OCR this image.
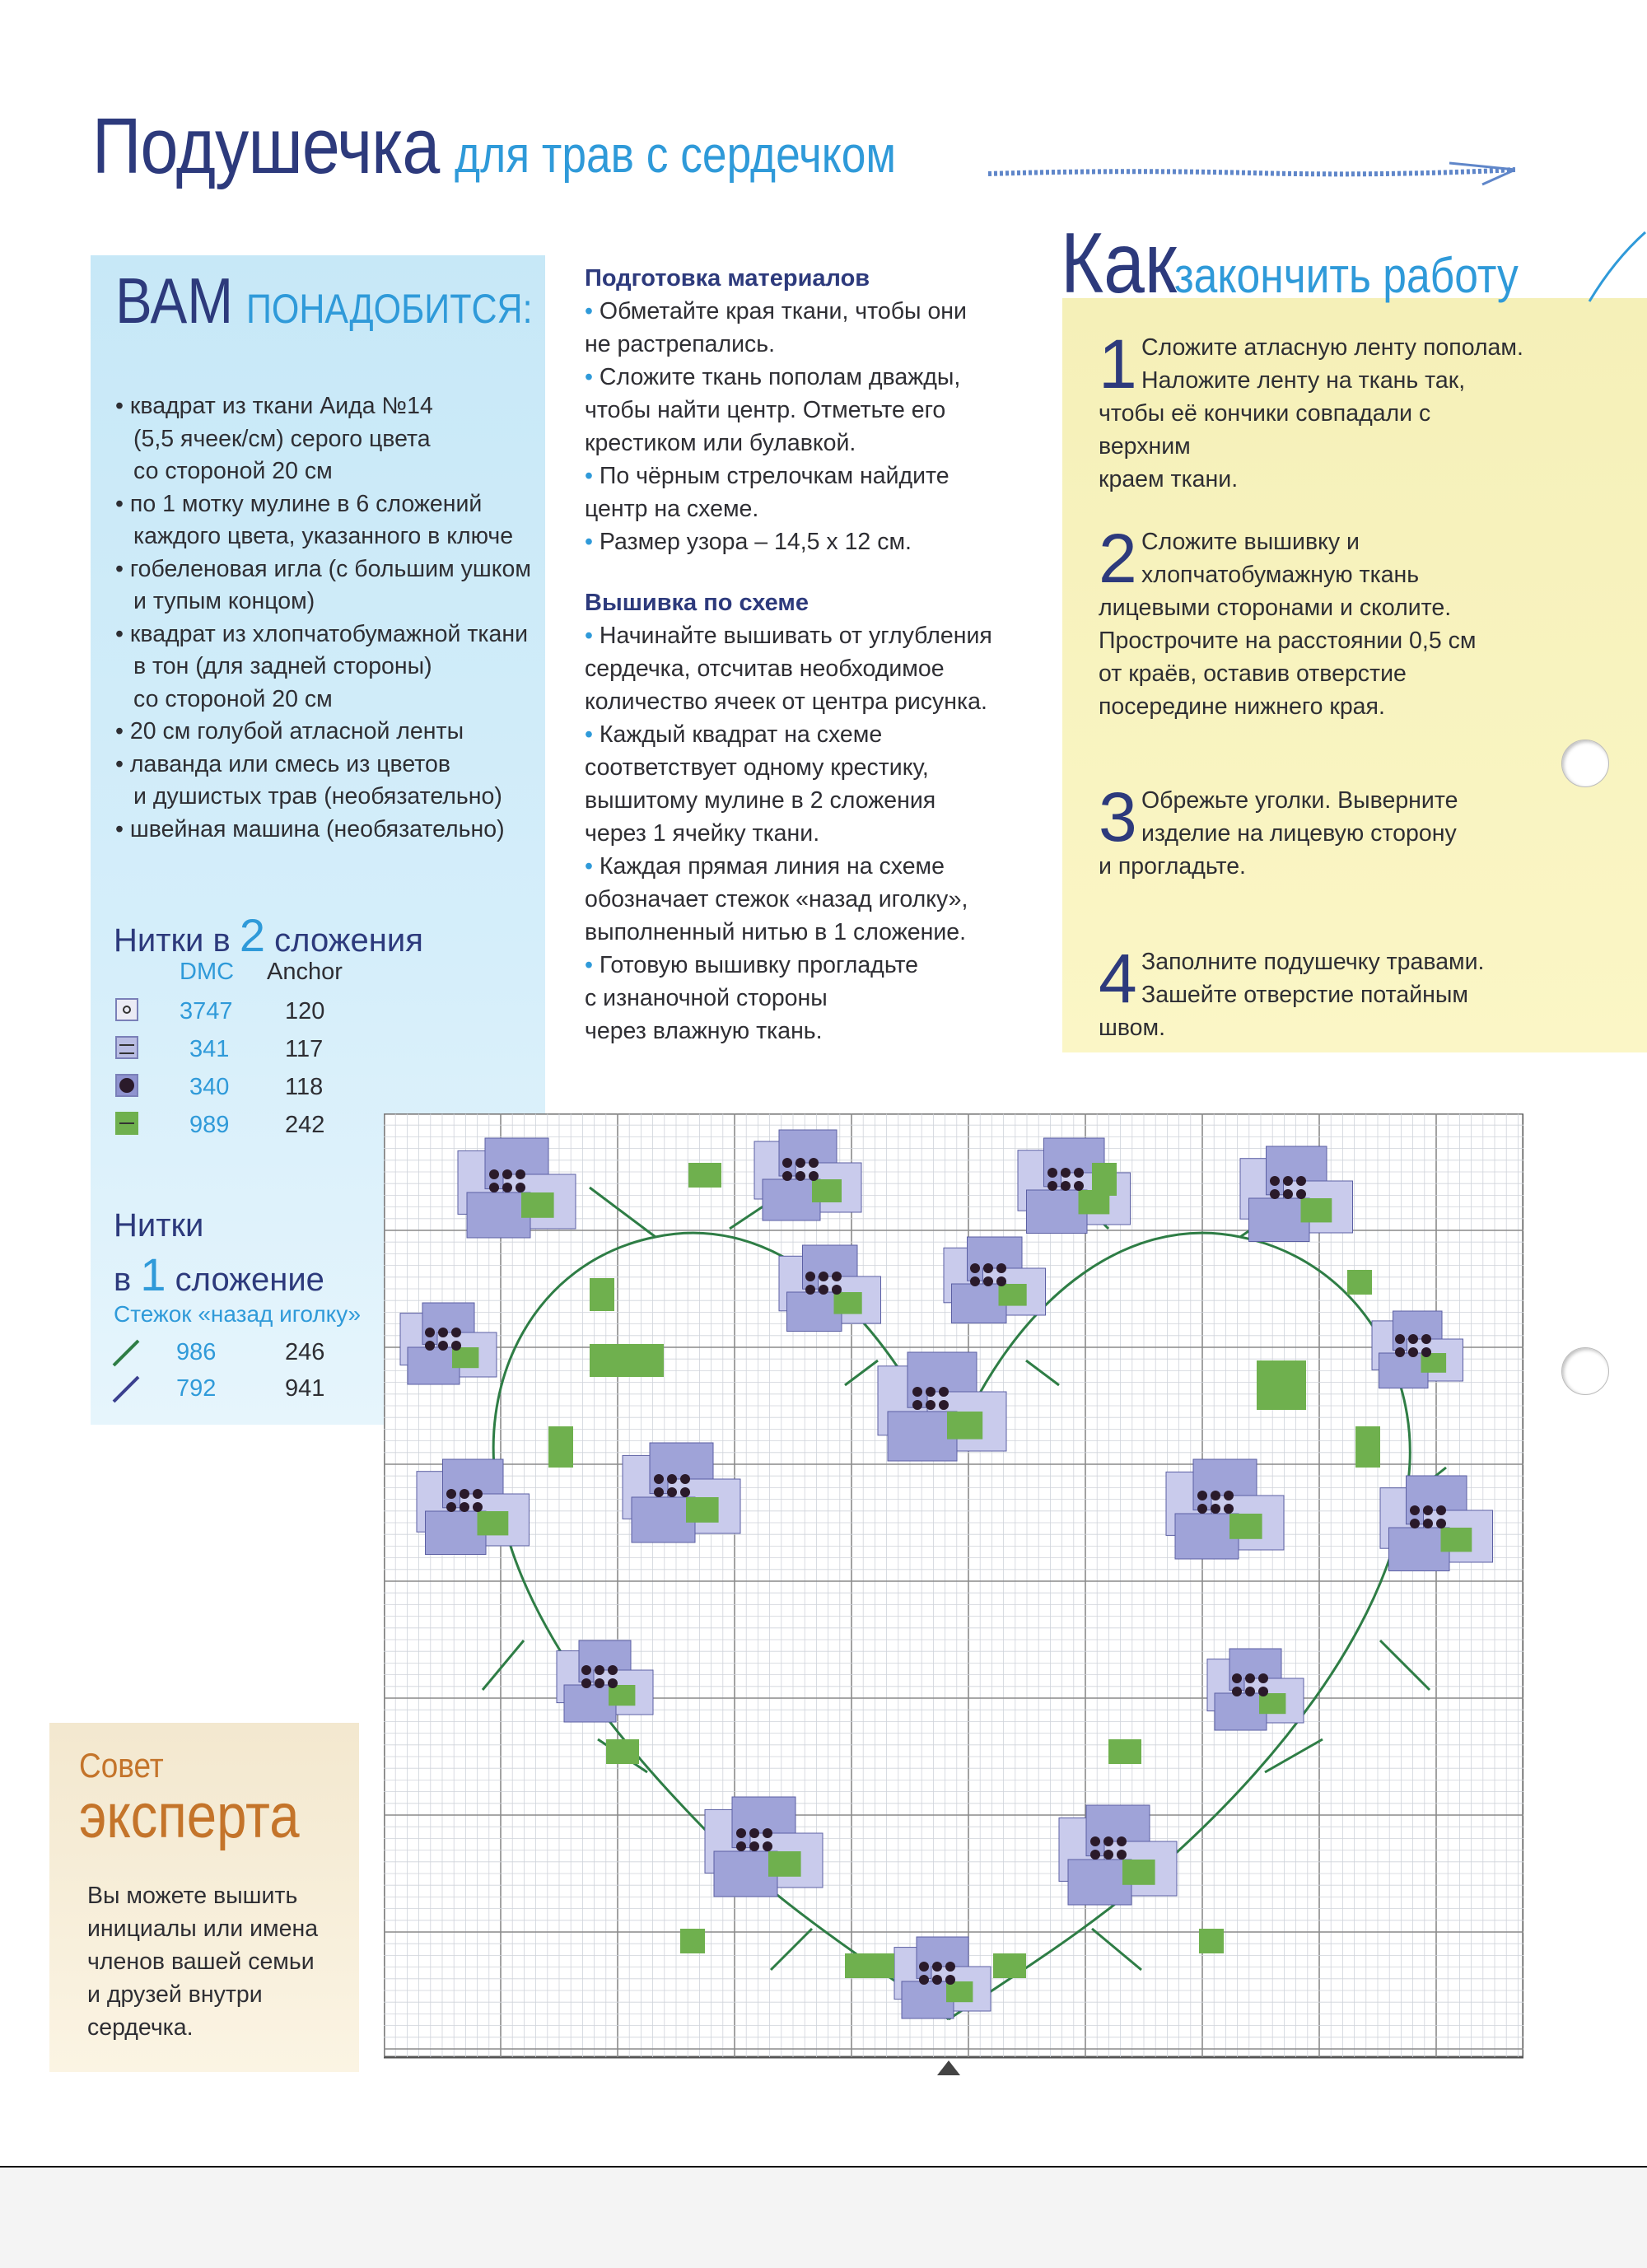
Подушечка для трав с сердечком
ВАМ ПОНАДОБИТСЯ:
• квадрат из ткани Аида №14
(5,5 ячеек/см) серого цвета
со стороной 20 см
• по 1 мотку мулине в 6 сложений
каждого цвета, указанного в ключе
• гобеленовая игла (с большим ушком
и тупым концом)
• квадрат из хлопчатобумажной ткани
в тон (для задней стороны)
со стороной 20 см
• 20 см голубой атласной ленты
• лаванда или смесь из цветов
и душистых трав (необязательно)
• швейная машина (необязательно)
Нитки в 2 сложения
DMC Anchor
3747 120
341 117
340 118
989 242
Нитки
в 1 сложение
Стежок «назад иголку»
986	246
792	941
Подготовка материалов
• Обметайте края ткани, чтобы они
не растрепались.
• Сложите ткань пополам дважды,
чтобы найти центр. Отметьте его
крестиком или булавкой.
• По чёрным стрелочкам найдите
центр на схеме.
• Размер узора – 14,5 х 12 см.
Вышивка по схеме
• Начинайте вышивать от углубления
сердечка, отсчитав необходимое
количество ячеек от центра рисунка.
• Каждый квадрат на схеме
соответствует одному крестику,
вышитому мулине в 2 сложения
через 1 ячейку ткани.
• Каждая прямая линия на схеме
обозначает стежок «назад иголку»,
выполненный нитью в 1 сложение.
• Готовую вышивку прогладьте
с изнаночной стороны
через влажную ткань.
Как закончить работу
1 Сложите атласную ленту пополам.
Наложите ленту на ткань так,
чтобы её кончики совпадали с верхним
краем ткани.
2 Сложите вышивку и
хлопчатобумажную ткань
лицевыми сторонами и сколите.
Прострочите на расстоянии 0,5 см
от краёв, оставив отверстие
посередине нижнего края.
3 Обрежьте уголки. Выверните
изделие на лицевую сторону
и прогладьте.
4 Заполните подушечку травами.
Зашейте отверстие потайным
швом.
Совет
эксперта
Вы можете вышить
инициалы или имена
членов вашей семьи
и друзей внутри
сердечка.
